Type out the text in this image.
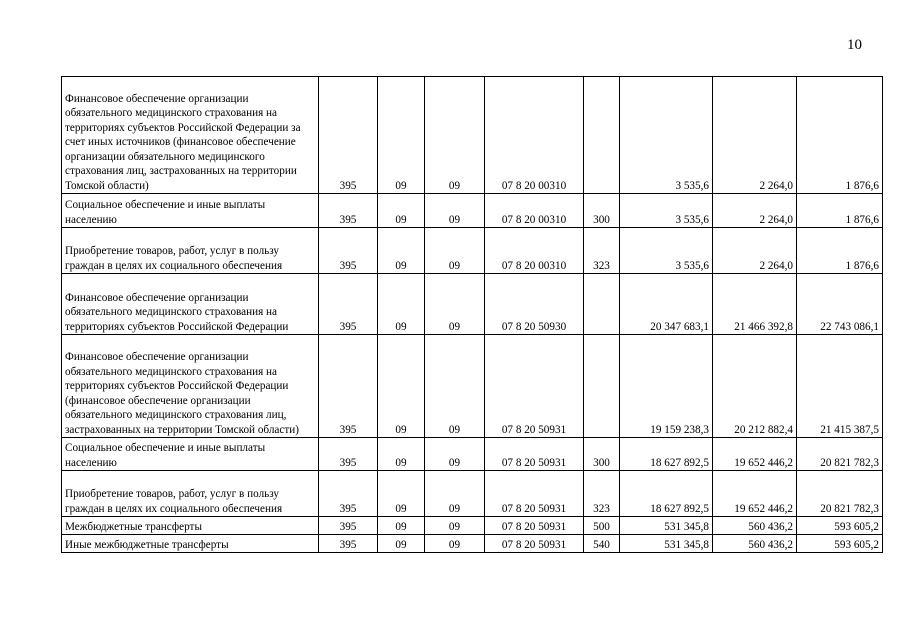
10
Финансовое обеспечение организации обязательного медицинского страхования на территориях субъектов Российской Федерации за счет иных источников (финансовое обеспечение организации обязательного медицинского страхования лиц, застрахованных на территории Томской области)	395	09	09	07 8 20 00310		3 535,6	2 264,0	1 876,6
Социальное обеспечение и иные выплаты населению	395	09	09	07 8 20 00310	300	3 535,6	2 264,0	1 876,6
Приобретение товаров, работ, услуг в пользу граждан в целях их социального обеспечения	395	09	09	07 8 20 00310	323	3 535,6	2 264,0	1 876,6
Финансовое обеспечение организации обязательного медицинского страхования на территориях субъектов Российской Федерации	395	09	09	07 8 20 50930		20 347 683,1	21 466 392,8	22 743 086,1
Финансовое обеспечение организации обязательного медицинского страхования на территориях субъектов Российской Федерации (финансовое обеспечение организации обязательного медицинского страхования лиц, застрахованных на территории Томской области)	395	09	09	07 8 20 50931		19 159 238,3	20 212 882,4	21 415 387,5
Социальное обеспечение и иные выплаты населению	395	09	09	07 8 20 50931	300	18 627 892,5	19 652 446,2	20 821 782,3
Приобретение товаров, работ, услуг в пользу граждан в целях их социального обеспечения	395	09	09	07 8 20 50931	323	18 627 892,5	19 652 446,2	20 821 782,3
Межбюджетные трансферты	395	09	09	07 8 20 50931	500	531 345,8	560 436,2	593 605,2
Иные межбюджетные трансферты	395	09	09	07 8 20 50931	540	531 345,8	560 436,2	593 605,2
